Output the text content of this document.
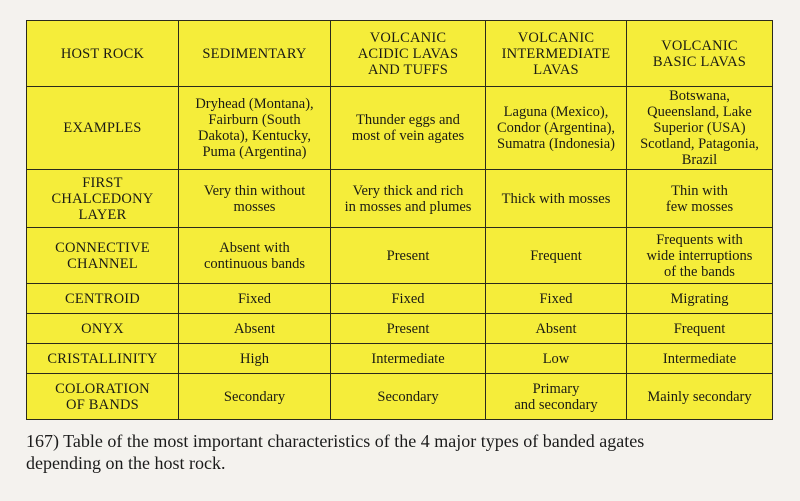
HOST ROCK	SEDIMENTARY	VOLCANIC
ACIDIC LAVAS
AND TUFFS	VOLCANIC
INTERMEDIATE
LAVAS	VOLCANIC
BASIC LAVAS
EXAMPLES	Dryhead (Montana),
Fairburn (South
Dakota), Kentucky,
Puma (Argentina)	Thunder eggs and
most of vein agates	Laguna (Mexico),
Condor (Argentina),
Sumatra (Indonesia)	Botswana,
Queensland, Lake
Superior (USA)
Scotland, Patagonia,
Brazil
FIRST
CHALCEDONY
LAYER	Very thin without
mosses	Very thick and rich
in mosses and plumes	Thick with mosses	Thin with
few mosses
CONNECTIVE
CHANNEL	Absent with
continuous bands	Present	Frequent	Frequents with
wide interruptions
of the bands
CENTROID	Fixed	Fixed	Fixed	Migrating
ONYX	Absent	Present	Absent	Frequent
CRISTALLINITY	High	Intermediate	Low	Intermediate
COLORATION
OF BANDS	Secondary	Secondary	Primary
and secondary	Mainly secondary
167) Table of the most important characteristics of the 4 major types of banded agates
depending on the host rock.
